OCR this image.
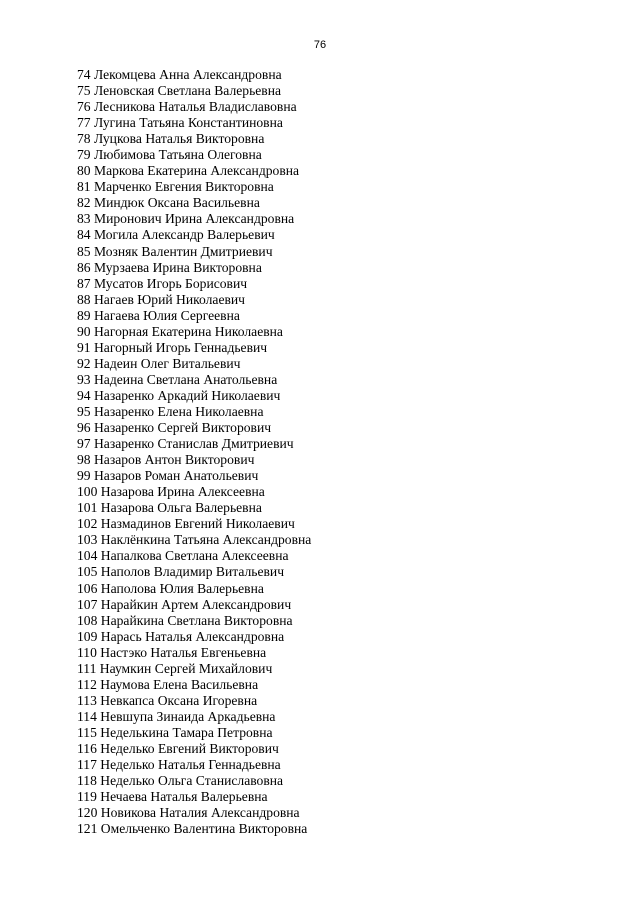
76
74 Лекомцева Анна Александровна
75 Леновская Светлана Валерьевна
76 Лесникова Наталья Владиславовна
77 Лугина Татьяна Константиновна
78 Луцкова Наталья Викторовна
79 Любимова Татьяна Олеговна
80 Маркова Екатерина Александровна
81 Марченко Евгения Викторовна
82 Миндюк Оксана Васильевна
83 Миронович Ирина Александровна
84 Могила Александр Валерьевич
85 Мозняк Валентин Дмитриевич
86 Мурзаева Ирина Викторовна
87 Мусатов Игорь Борисович
88 Нагаев Юрий Николаевич
89 Нагаева Юлия Сергеевна
90 Нагорная Екатерина Николаевна
91 Нагорный Игорь Геннадьевич
92 Надеин Олег Витальевич
93 Надеина Светлана Анатольевна
94 Назаренко Аркадий Николаевич
95 Назаренко Елена Николаевна
96 Назаренко Сергей Викторович
97 Назаренко Станислав Дмитриевич
98 Назаров Антон Викторович
99 Назаров Роман Анатольевич
100 Назарова Ирина Алексеевна
101 Назарова Ольга Валерьевна
102 Назмадинов Евгений Николаевич
103 Наклёнкина Татьяна Александровна
104 Напалкова Светлана Алексеевна
105 Наполов Владимир Витальевич
106 Наполова Юлия Валерьевна
107 Нарайкин Артем Александрович
108 Нарайкина Светлана Викторовна
109 Нарась Наталья Александровна
110 Настэко Наталья Евгеньевна
111 Наумкин Сергей Михайлович
112 Наумова Елена Васильевна
113 Невкапса Оксана Игоревна
114 Невшупа Зинаида Аркадьевна
115 Неделькина Тамара Петровна
116 Неделько Евгений Викторович
117 Неделько Наталья Геннадьевна
118 Неделько Ольга Станиславовна
119 Нечаева Наталья Валерьевна
120 Новикова Наталия Александровна
121 Омельченко Валентина Викторовна
